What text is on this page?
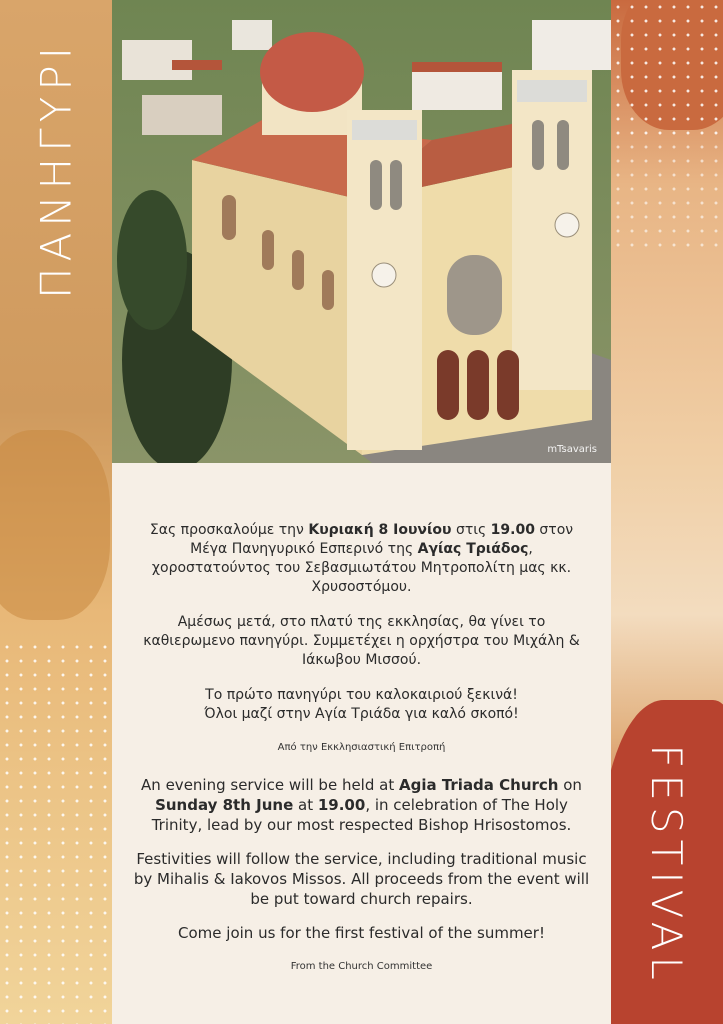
ΠΑΝΗΓΥΡΙ
FESTIVAL
mTsavaris

Σας προσκαλούμε την Κυριακή 8 Ιουνίου στις 19.00 στον Μέγα Πανηγυρικό Εσπερινό της Αγίας Τριάδος, χοροστατούντος του Σεβασμιωτάτου Μητροπολίτη μας κκ. Χρυσοστόμου.

Αμέσως μετά, στο πλατύ της εκκλησίας, θα γίνει το καθιερωμενο πανηγύρι. Συμμετέχει η ορχήστρα του Μιχάλη & Ιάκωβου Μισσού.

Το πρώτο πανηγύρι του καλοκαιριού ξεκινά!
Όλοι μαζί στην Αγία Τριάδα για καλό σκοπό!

Από την Εκκλησιαστική Επιτροπή

An evening service will be held at Agia Triada Church on Sunday 8th June at 19.00, in celebration of The Holy Trinity, lead by our most respected Bishop Hrisostomos.

Festivities will follow the service, including traditional music by Mihalis & Iakovos Missos. All proceeds from the event will be put toward church repairs.

Come join us for the first festival of the summer!

From the Church Committee
